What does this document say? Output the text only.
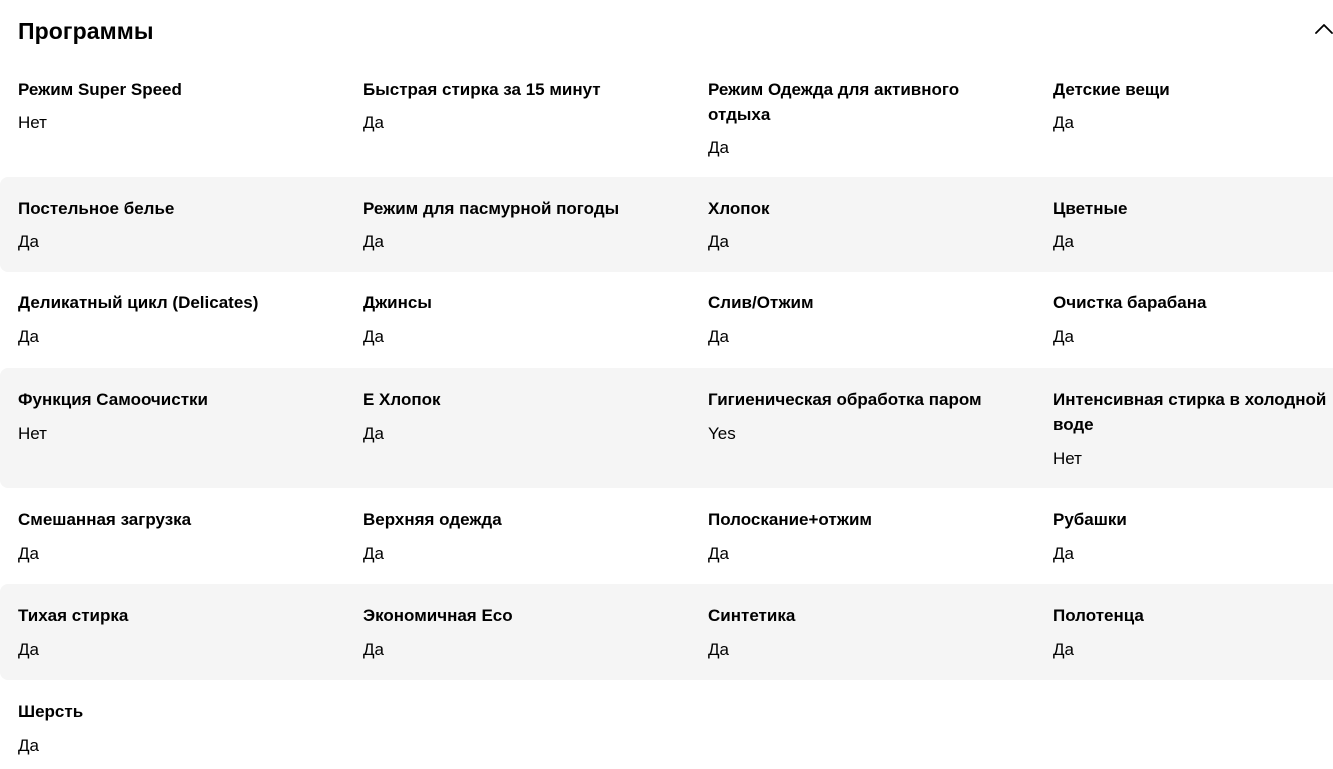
Программы
Режим Super Speed
Нет
Быстрая стирка за 15 минут
Да
Режим Одежда для активного отдыха
Да
Детские вещи
Да
Постельное белье
Да
Режим для пасмурной погоды
Да
Хлопок
Да
Цветные
Да
Деликатный цикл (Delicates)
Да
Джинсы
Да
Слив/Отжим
Да
Очистка барабана
Да
Функция Самоочистки
Нет
Е Хлопок
Да
Гигиеническая обработка паром
Yes
Интенсивная стирка в холодной воде
Нет
Смешанная загрузка
Да
Верхняя одежда
Да
Полоскание+отжим
Да
Рубашки
Да
Тихая стирка
Да
Экономичная Eco
Да
Синтетика
Да
Полотенца
Да
Шерсть
Да
